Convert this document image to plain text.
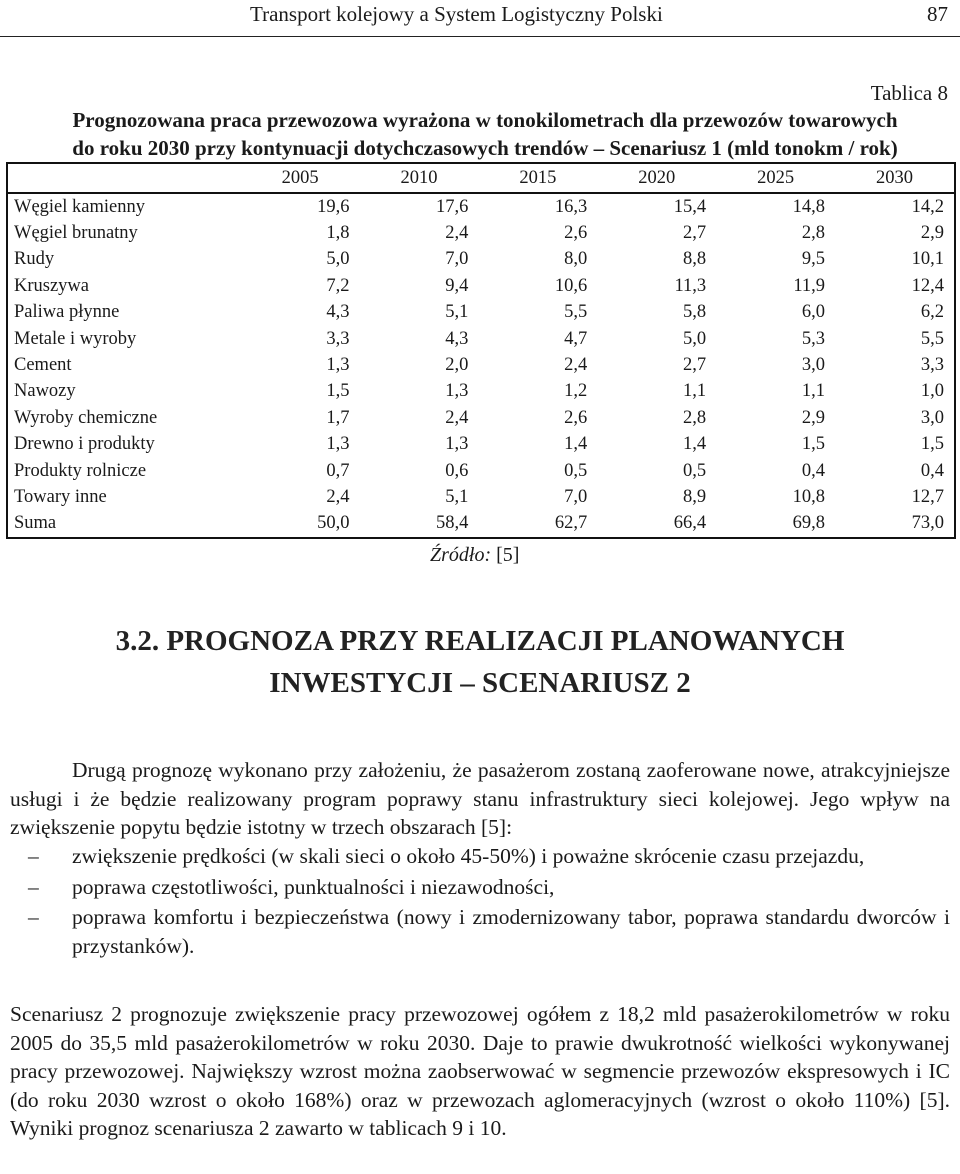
Transport kolejowy a System Logistyczny Polski	87
Tablica 8
Prognozowana praca przewozowa wyrażona w tonokilometrach dla przewozów towarowych
do roku 2030 przy kontynuacji dotychczasowych trendów – Scenariusz 1 (mld tonokm / rok)
	2005	2010	2015	2020	2025	2030
Węgiel kamienny	19,6	17,6	16,3	15,4	14,8	14,2
Węgiel brunatny	1,8	2,4	2,6	2,7	2,8	2,9
Rudy	5,0	7,0	8,0	8,8	9,5	10,1
Kruszywa	7,2	9,4	10,6	11,3	11,9	12,4
Paliwa płynne	4,3	5,1	5,5	5,8	6,0	6,2
Metale i wyroby	3,3	4,3	4,7	5,0	5,3	5,5
Cement	1,3	2,0	2,4	2,7	3,0	3,3
Nawozy	1,5	1,3	1,2	1,1	1,1	1,0
Wyroby chemiczne	1,7	2,4	2,6	2,8	2,9	3,0
Drewno i produkty	1,3	1,3	1,4	1,4	1,5	1,5
Produkty rolnicze	0,7	0,6	0,5	0,5	0,4	0,4
Towary inne	2,4	5,1	7,0	8,9	10,8	12,7
Suma	50,0	58,4	62,7	66,4	69,8	73,0
Źródło: [5]
3.2. PROGNOZA PRZY REALIZACJI PLANOWANYCH
INWESTYCJI – SCENARIUSZ 2
Drugą prognozę wykonano przy założeniu, że pasażerom zostaną zaoferowane nowe, atrakcyjniejsze usługi i że będzie realizowany program poprawy stanu infrastruktury sieci kolejowej. Jego wpływ na zwiększenie popytu będzie istotny w trzech obszarach [5]:
– zwiększenie prędkości (w skali sieci o około 45-50%) i poważne skrócenie czasu przejazdu,
– poprawa częstotliwości, punktualności i niezawodności,
– poprawa komfortu i bezpieczeństwa (nowy i zmodernizowany tabor, poprawa standardu dworców i przystanków).
Scenariusz 2 prognozuje zwiększenie pracy przewozowej ogółem z 18,2 mld pasażerokilometrów w roku 2005 do 35,5 mld pasażerokilometrów w roku 2030. Daje to prawie dwukrotność wielkości wykonywanej pracy przewozowej. Największy wzrost można zaobserwować w segmencie przewozów ekspresowych i IC (do roku 2030 wzrost o około 168%) oraz w przewozach aglomeracyjnych (wzrost o około 110%) [5]. Wyniki prognoz scenariusza 2 zawarto w tablicach 9 i 10.
